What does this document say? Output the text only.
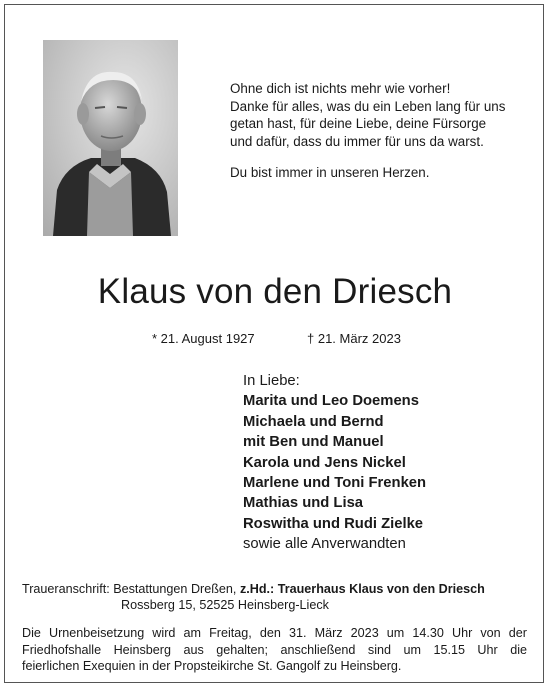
Ohne dich ist nichts mehr wie vorher!

Danke für alles, was du ein Leben lang für uns

getan hast, für deine Liebe, deine Fürsorge

und dafür, dass du immer für uns da warst.

Du bist immer in unseren Herzen.

Klaus von den Driesch
* 21. August 1927	† 21. März 2023
In Liebe:
Marita und Leo Doemens
Michaela und Bernd
mit Ben und Manuel
Karola und Jens Nickel
Marlene und Toni Frenken
Mathias und Lisa
Roswitha und Rudi Zielke
sowie alle Anverwandten
Traueranschrift: Bestattungen Dreßen, z.Hd.: Trauerhaus Klaus von den Driesch
Rossberg 15, 52525 Heinsberg-Lieck
Die Urnenbeisetzung wird am Freitag, den 31. März 2023 um 14.30 Uhr von der
Friedhofshalle Heinsberg aus gehalten; anschließend sind um 15.15 Uhr die
feierlichen Exequien in der Propsteikirche St. Gangolf zu Heinsberg.
